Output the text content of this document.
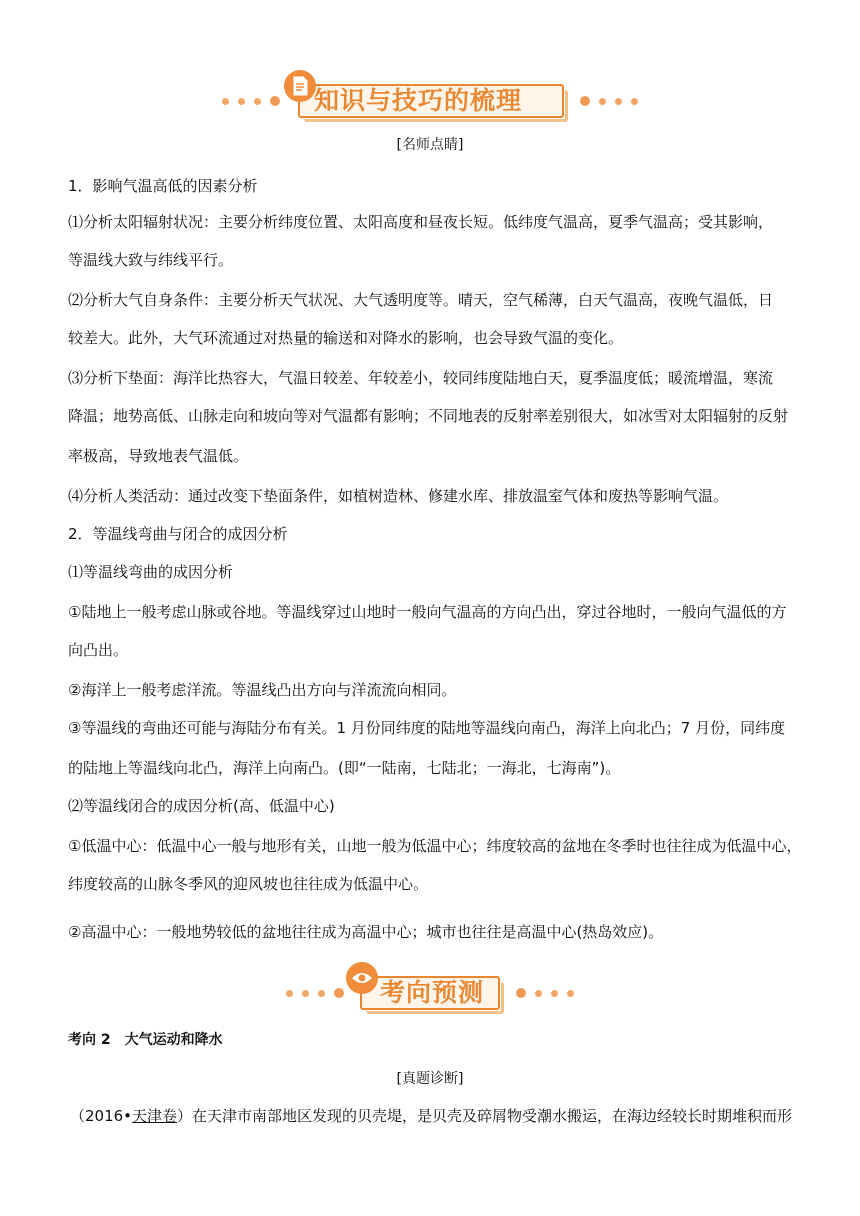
知识与技巧的梳理
[名师点睛]
1．影响气温高低的因素分析
⑴分析太阳辐射状况：主要分析纬度位置、太阳高度和昼夜长短。低纬度气温高，夏季气温高；受其影响，
等温线大致与纬线平行。
⑵分析大气自身条件：主要分析天气状况、大气透明度等。晴天，空气稀薄，白天气温高，夜晚气温低，日
较差大。此外，大气环流通过对热量的输送和对降水的影响，也会导致气温的变化。
⑶分析下垫面：海洋比热容大，气温日较差、年较差小，较同纬度陆地白天，夏季温度低；暖流增温，寒流
降温；地势高低、山脉走向和坡向等对气温都有影响；不同地表的反射率差别很大，如冰雪对太阳辐射的反射
率极高，导致地表气温低。
⑷分析人类活动：通过改变下垫面条件，如植树造林、修建水库、排放温室气体和废热等影响气温。
2．等温线弯曲与闭合的成因分析
⑴等温线弯曲的成因分析
①陆地上一般考虑山脉或谷地。等温线穿过山地时一般向气温高的方向凸出，穿过谷地时，一般向气温低的方
向凸出。
②海洋上一般考虑洋流。等温线凸出方向与洋流流向相同。
③等温线的弯曲还可能与海陆分布有关。1 月份同纬度的陆地等温线向南凸，海洋上向北凸；7 月份，同纬度
的陆地上等温线向北凸，海洋上向南凸。(即“一陆南，七陆北；一海北，七海南”)。
⑵等温线闭合的成因分析(高、低温中心)
①低温中心：低温中心一般与地形有关，山地一般为低温中心；纬度较高的盆地在冬季时也往往成为低温中心，
纬度较高的山脉冬季风的迎风坡也往往成为低温中心。
②高温中心：一般地势较低的盆地往往成为高温中心；城市也往往是高温中心(热岛效应)。
考向预测
考向 2　大气运动和降水
[真题诊断]
（2016•天津卷）在天津市南部地区发现的贝壳堤，是贝壳及碎屑物受潮水搬运，在海边经较长时期堆积而形
